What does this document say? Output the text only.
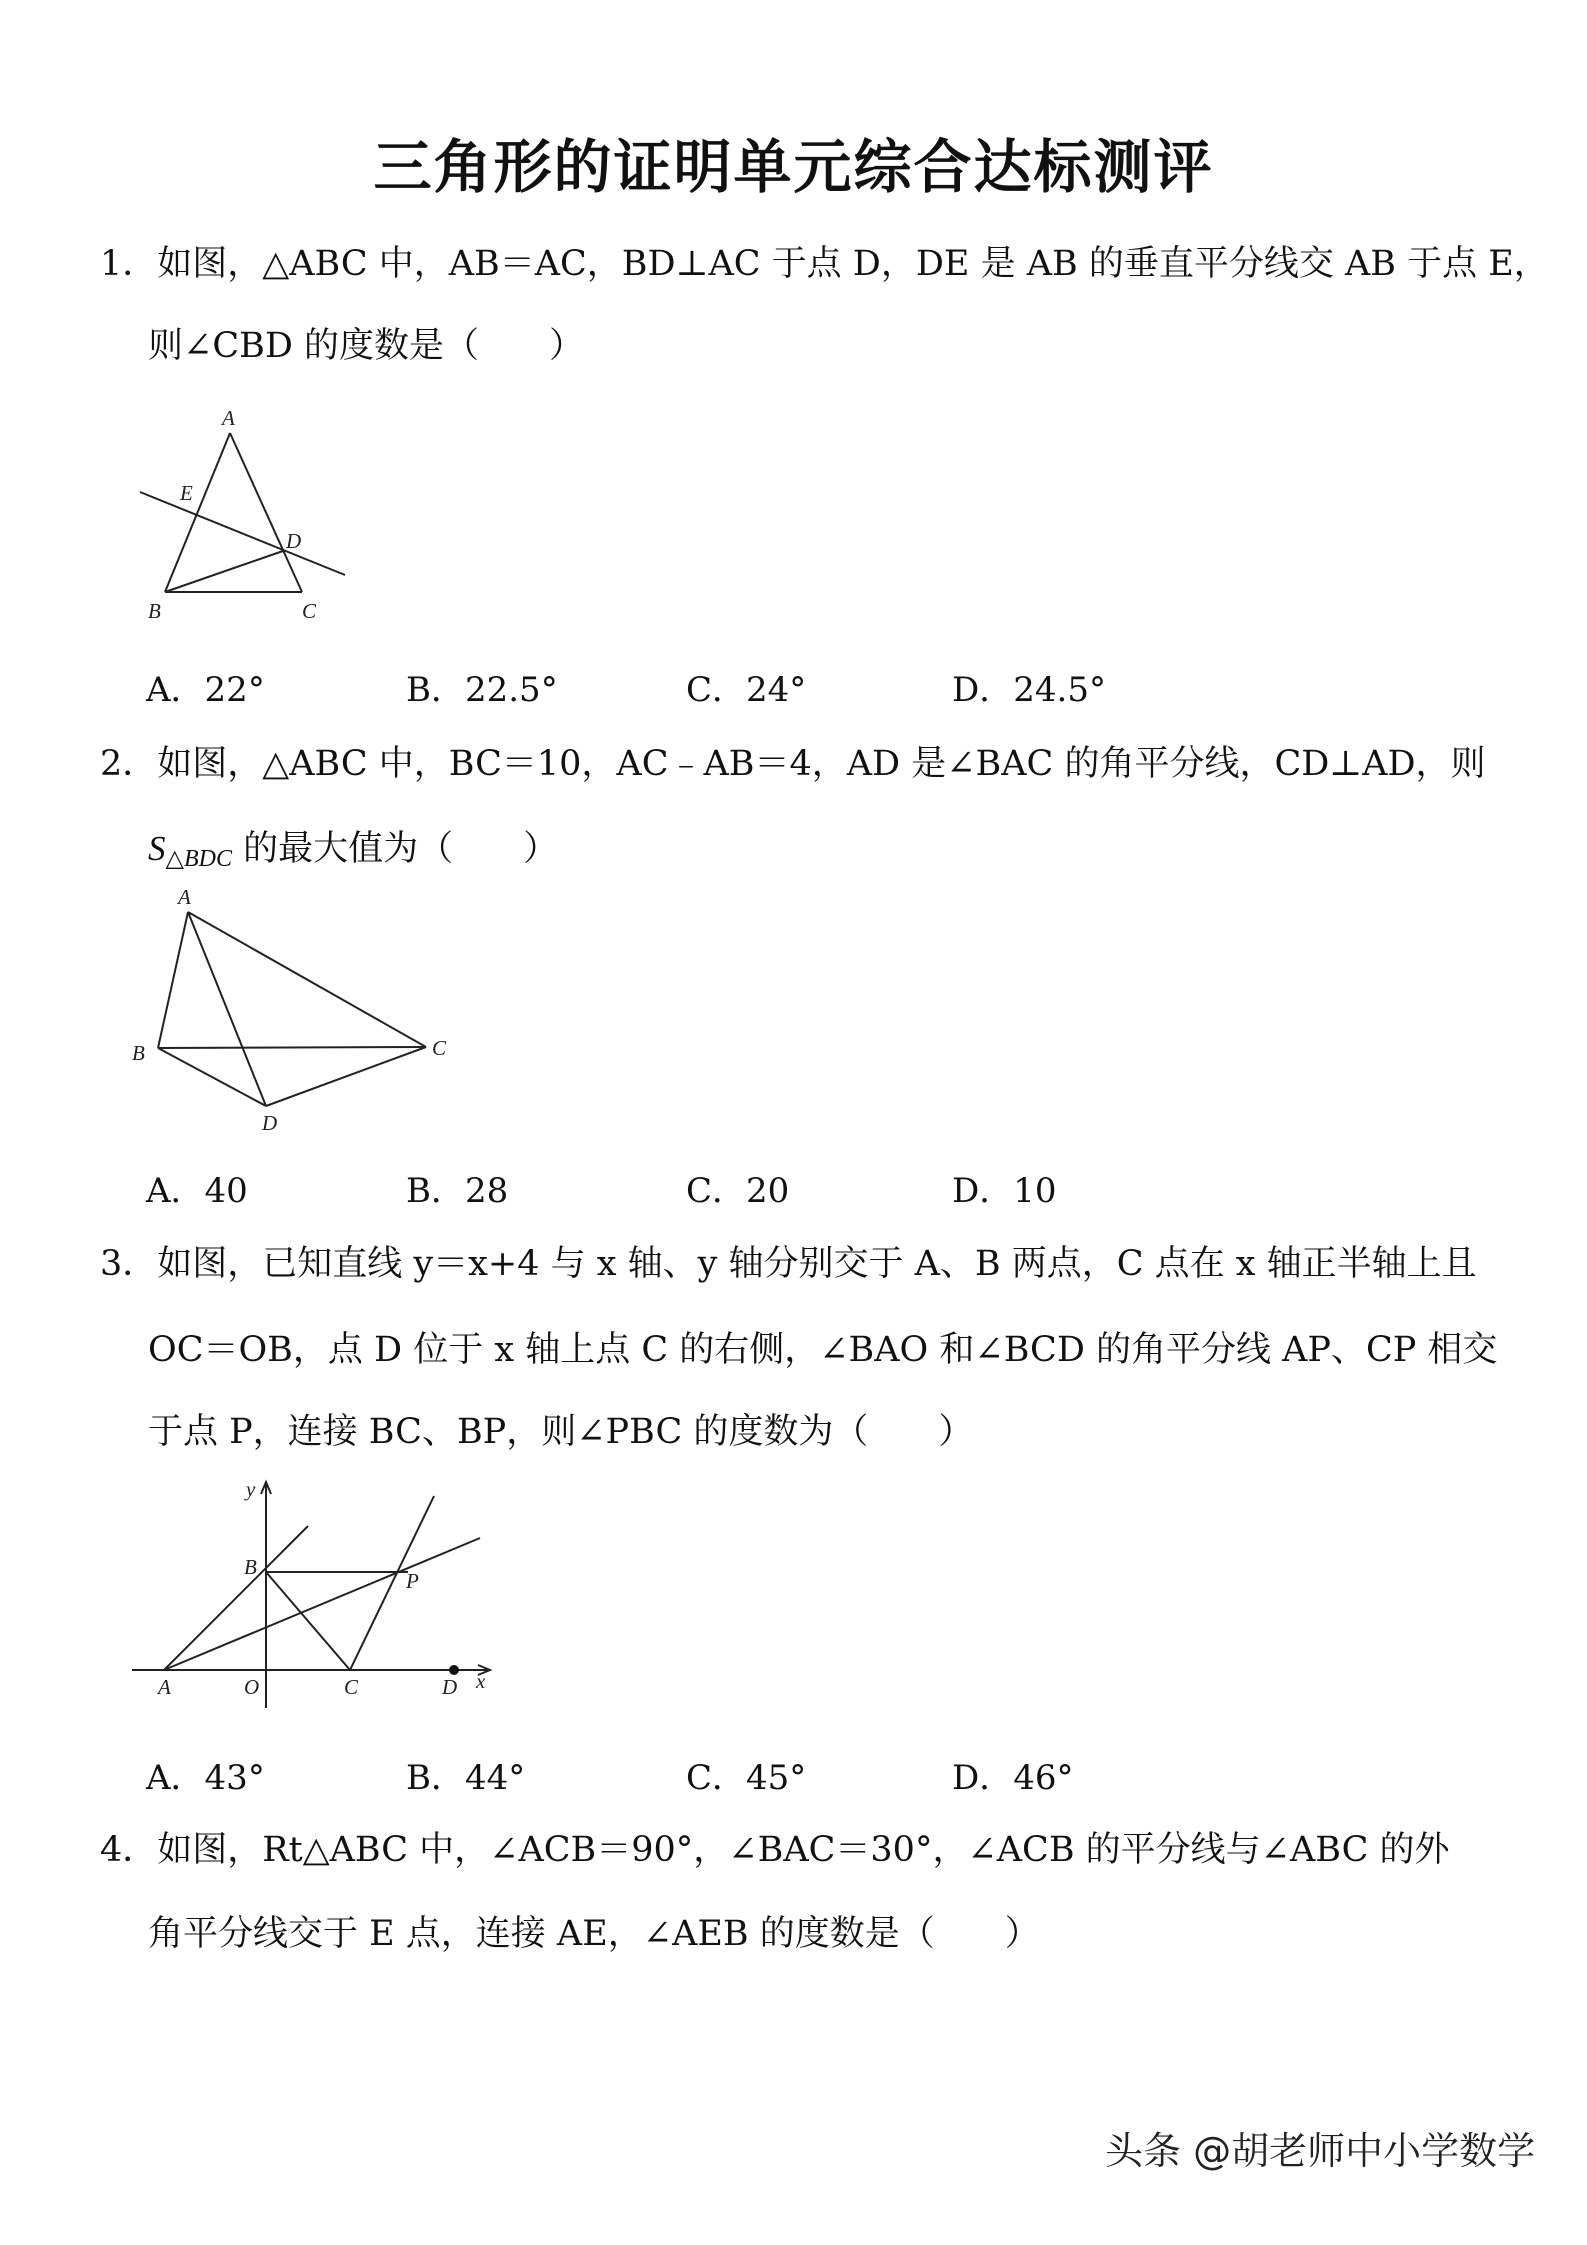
三角形的证明单元综合达标测评
1．如图，△ABC 中，AB＝AC，BD⊥AC 于点 D，DE 是 AB 的垂直平分线交 AB 于点 E，
则∠CBD 的度数是（　　）
A
E
D
B	C
A．22°	B．22.5°	C．24°	D．24.5°
2．如图，△ABC 中，BC＝10，AC﹣AB＝4，AD 是∠BAC 的角平分线，CD⊥AD，则
$S_{\triangle BDC}$ 的最大值为（　　）
A
B	C
D
A．40	B．28	C．20	D．10
3．如图，已知直线 y＝x+4 与 x 轴、y 轴分别交于 A、B 两点，C 点在 x 轴正半轴上且
OC＝OB，点 D 位于 x 轴上点 C 的右侧，∠BAO 和∠BCD 的角平分线 AP、CP 相交
于点 P，连接 BC、BP，则∠PBC 的度数为（　　）
y
B
P
A	O	C	D x
A．43°	B．44°	C．45°	D．46°
4．如图，Rt△ABC 中，∠ACB＝90°，∠BAC＝30°，∠ACB 的平分线与∠ABC 的外
角平分线交于 E 点，连接 AE，∠AEB 的度数是（　　）
头条 @胡老师中小学数学
